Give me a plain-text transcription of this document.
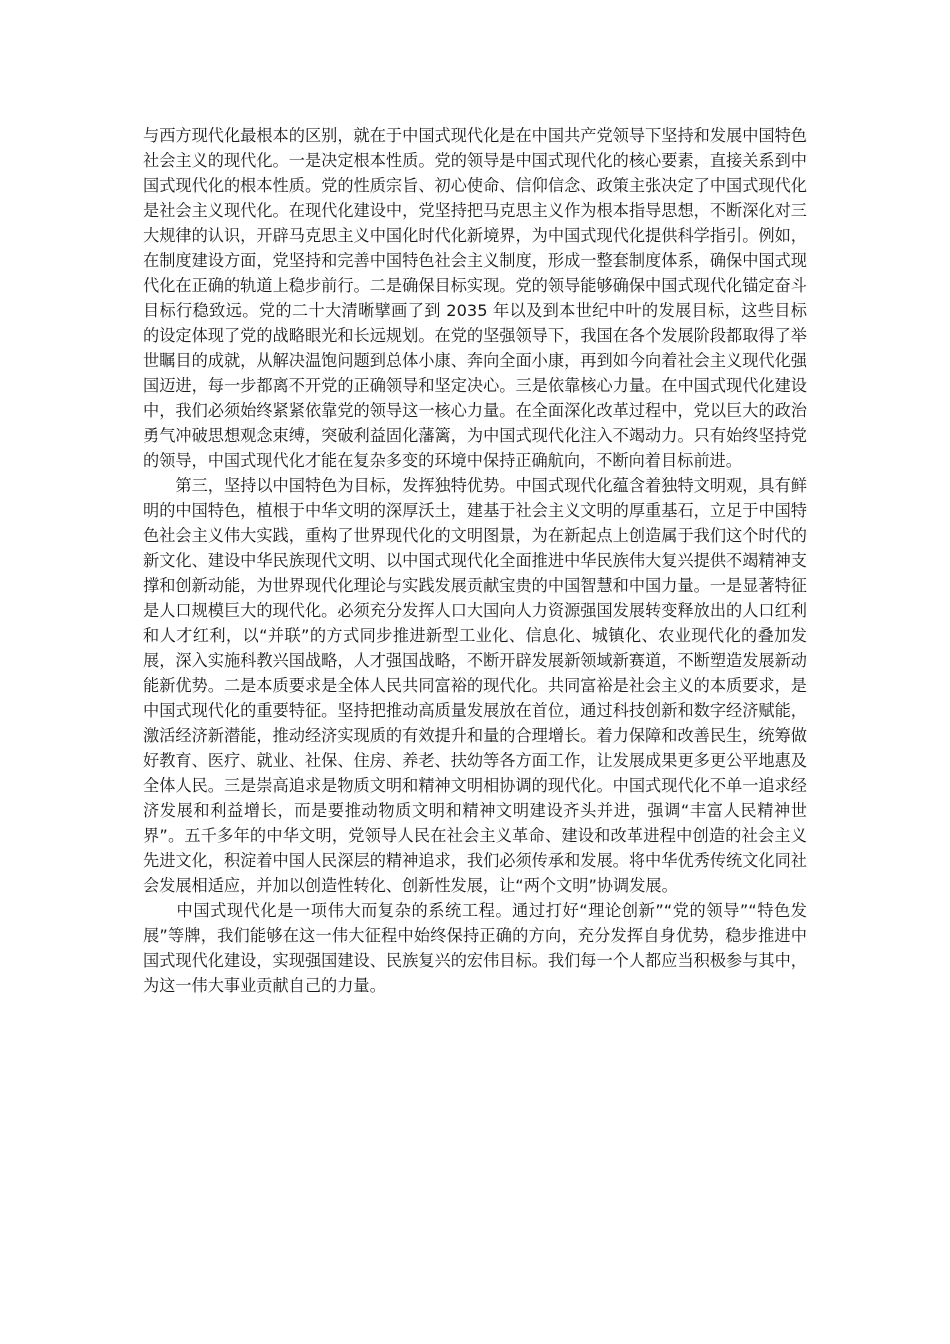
与西方现代化最根本的区别，就在于中国式现代化是在中国共产党领导下坚持和发展中国特色社会主义的现代化。一是决定根本性质。党的领导是中国式现代化的核心要素，直接关系到中国式现代化的根本性质。党的性质宗旨、初心使命、信仰信念、政策主张决定了中国式现代化是社会主义现代化。在现代化建设中，党坚持把马克思主义作为根本指导思想，不断深化对三大规律的认识，开辟马克思主义中国化时代化新境界，为中国式现代化提供科学指引。例如，在制度建设方面，党坚持和完善中国特色社会主义制度，形成一整套制度体系，确保中国式现代化在正确的轨道上稳步前行。二是确保目标实现。党的领导能够确保中国式现代化锚定奋斗目标行稳致远。党的二十大清晰擘画了到 2035 年以及到本世纪中叶的发展目标，这些目标的设定体现了党的战略眼光和长远规划。在党的坚强领导下，我国在各个发展阶段都取得了举世瞩目的成就，从解决温饱问题到总体小康、奔向全面小康，再到如今向着社会主义现代化强国迈进，每一步都离不开党的正确领导和坚定决心。三是依靠核心力量。在中国式现代化建设中，我们必须始终紧紧依靠党的领导这一核心力量。在全面深化改革过程中，党以巨大的政治勇气冲破思想观念束缚，突破利益固化藩篱，为中国式现代化注入不竭动力。只有始终坚持党的领导，中国式现代化才能在复杂多变的环境中保持正确航向，不断向着目标前进。

　　第三，坚持以中国特色为目标，发挥独特优势。中国式现代化蕴含着独特文明观，具有鲜明的中国特色，植根于中华文明的深厚沃土，建基于社会主义文明的厚重基石，立足于中国特色社会主义伟大实践，重构了世界现代化的文明图景，为在新起点上创造属于我们这个时代的新文化、建设中华民族现代文明、以中国式现代化全面推进中华民族伟大复兴提供不竭精神支撑和创新动能，为世界现代化理论与实践发展贡献宝贵的中国智慧和中国力量。一是显著特征是人口规模巨大的现代化。必须充分发挥人口大国向人力资源强国发展转变释放出的人口红利和人才红利，以“并联”的方式同步推进新型工业化、信息化、城镇化、农业现代化的叠加发展，深入实施科教兴国战略，人才强国战略，不断开辟发展新领域新赛道，不断塑造发展新动能新优势。二是本质要求是全体人民共同富裕的现代化。共同富裕是社会主义的本质要求，是中国式现代化的重要特征。坚持把推动高质量发展放在首位，通过科技创新和数字经济赋能，激活经济新潜能，推动经济实现质的有效提升和量的合理增长。着力保障和改善民生，统筹做好教育、医疗、就业、社保、住房、养老、扶幼等各方面工作，让发展成果更多更公平地惠及全体人民。三是崇高追求是物质文明和精神文明相协调的现代化。中国式现代化不单一追求经济发展和利益增长，而是要推动物质文明和精神文明建设齐头并进，强调“丰富人民精神世界”。五千多年的中华文明，党领导人民在社会主义革命、建设和改革进程中创造的社会主义先进文化，积淀着中国人民深层的精神追求，我们必须传承和发展。将中华优秀传统文化同社会发展相适应，并加以创造性转化、创新性发展，让“两个文明”协调发展。

　　中国式现代化是一项伟大而复杂的系统工程。通过打好“理论创新”“党的领导”“特色发展”等牌，我们能够在这一伟大征程中始终保持正确的方向，充分发挥自身优势，稳步推进中国式现代化建设，实现强国建设、民族复兴的宏伟目标。我们每一个人都应当积极参与其中，为这一伟大事业贡献自己的力量。
